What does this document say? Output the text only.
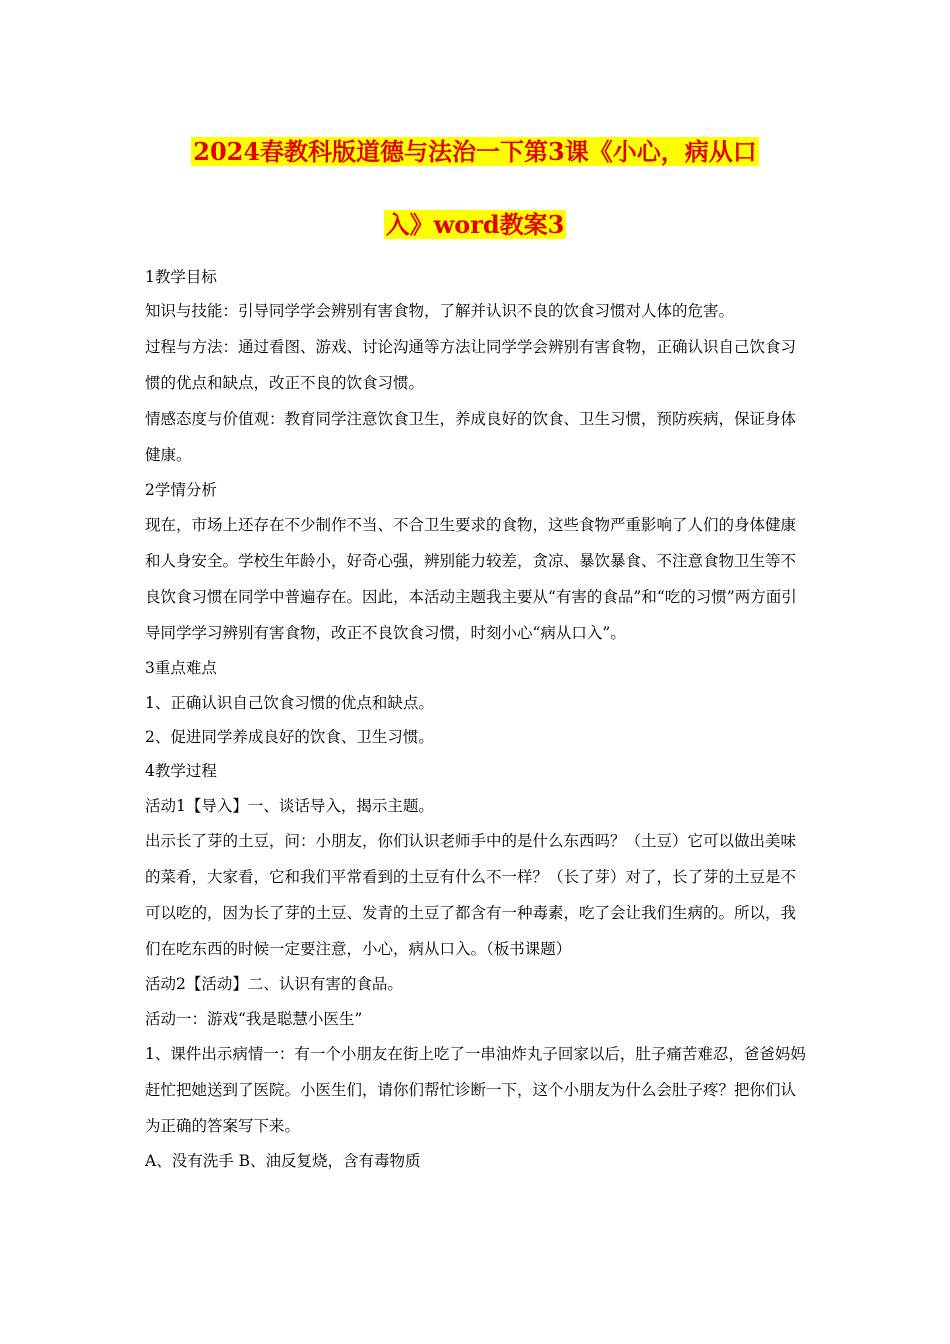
2024春教科版道德与法治一下第3课《小心，病从口
入》word教案3

1教学目标

知识与技能：引导同学学会辨别有害食物，了解并认识不良的饮食习惯对人体的危害。

过程与方法：通过看图、游戏、讨论沟通等方法让同学学会辨别有害食物，正确认识自己饮食习惯的优点和缺点，改正不良的饮食习惯。

情感态度与价值观：教育同学注意饮食卫生，养成良好的饮食、卫生习惯，预防疾病，保证身体健康。

2学情分析

现在，市场上还存在不少制作不当、不合卫生要求的食物，这些食物严重影响了人们的身体健康和人身安全。学校生年龄小，好奇心强，辨别能力较差，贪凉、暴饮暴食、不注意食物卫生等不良饮食习惯在同学中普遍存在。因此，本活动主题我主要从“有害的食品”和“吃的习惯”两方面引导同学学习辨别有害食物，改正不良饮食习惯，时刻小心“病从口入”。

3重点难点

1、正确认识自己饮食习惯的优点和缺点。

2、促进同学养成良好的饮食、卫生习惯。

4教学过程

活动1【导入】一、谈话导入，揭示主题。

出示长了芽的土豆，问：小朋友，你们认识老师手中的是什么东西吗？（土豆）它可以做出美味的菜肴，大家看，它和我们平常看到的土豆有什么不一样？（长了芽）对了，长了芽的土豆是不可以吃的，因为长了芽的土豆、发青的土豆了都含有一种毒素，吃了会让我们生病的。所以，我们在吃东西的时候一定要注意，小心，病从口入。（板书课题）

活动2【活动】二、认识有害的食品。

活动一：游戏“我是聪慧小医生”

1、课件出示病情一：有一个小朋友在街上吃了一串油炸丸子回家以后，肚子痛苦难忍，爸爸妈妈赶忙把她送到了医院。小医生们，请你们帮忙诊断一下，这个小朋友为什么会肚子疼？把你们认为正确的答案写下来。

A、没有洗手 B、油反复烧，含有毒物质
